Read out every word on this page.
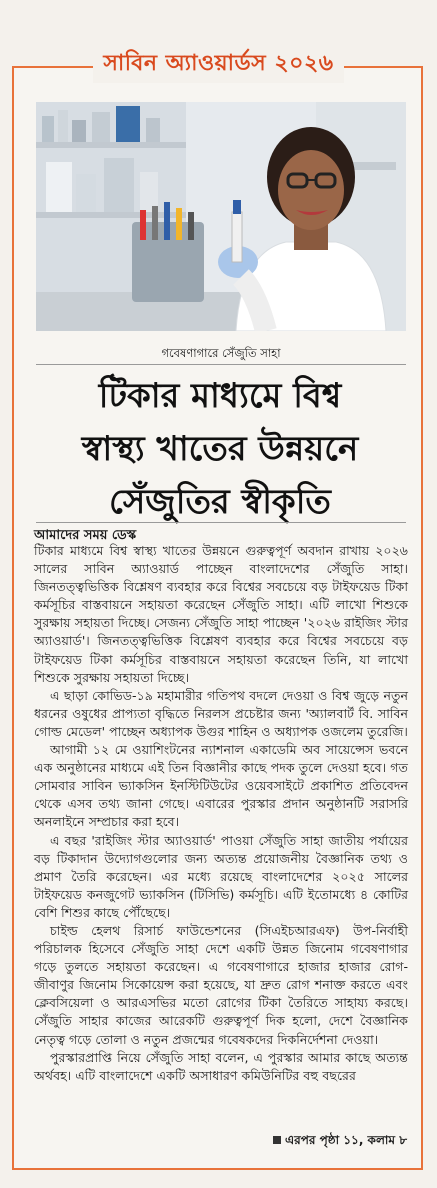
সাবিন অ্যাওয়ার্ডস ২০২৬
গবেষণাগারে সেঁজুতি সাহা
টিকার মাধ্যমে বিশ্ব
স্বাস্থ্য খাতের উন্নয়নে
সেঁজুতির স্বীকৃতি
আমাদের সময় ডেস্ক

টিকার মাধ্যমে বিশ্ব স্বাস্থ্য খাতের উন্নয়নে গুরুত্বপূর্ণ অবদান রাখায় ২০২৬ সালের সাবিন অ্যাওয়ার্ড পাচ্ছেন বাংলাদেশের সেঁজুতি সাহা। জিনতত্ত্বভিত্তিক বিশ্লেষণ ব্যবহার করে বিশ্বের সবচেয়ে বড় টাইফয়েড টিকা কর্মসূচির বাস্তবায়নে সহায়তা করেছেন সেঁজুতি সাহা। এটি লাখো শিশুকে সুরক্ষায় সহায়তা দিচ্ছে। সেজন্য সেঁজুতি সাহা পাচ্ছেন '২০২৬ রাইজিং স্টার অ্যাওয়ার্ড'। জিনতত্ত্বভিত্তিক বিশ্লেষণ ব্যবহার করে বিশ্বের সবচেয়ে বড় টাইফয়েড টিকা কর্মসূচির বাস্তবায়নে সহায়তা করেছেন তিনি, যা লাখো শিশুকে সুরক্ষায় সহায়তা দিচ্ছে।

এ ছাড়া কোভিড-১৯ মহামারীর গতিপথ বদলে দেওয়া ও বিশ্ব জুড়ে নতুন ধরনের ওষুধের প্রাপ্যতা বৃদ্ধিতে নিরলস প্রচেষ্টার জন্য 'অ্যালবার্ট বি. সাবিন গোল্ড মেডেল' পাচ্ছেন অধ্যাপক উগুর শাহিন ও অধ্যাপক ওজলেম তুরেজি।

আগামী ১২ মে ওয়াশিংটনের ন্যাশনাল একাডেমি অব সায়েন্সেস ভবনে এক অনুষ্ঠানের মাধ্যমে এই তিন বিজ্ঞানীর কাছে পদক তুলে দেওয়া হবে। গত সোমবার সাবিন ভ্যাকসিন ইনস্টিটিউটের ওয়েবসাইটে প্রকাশিত প্রতিবেদন থেকে এসব তথ্য জানা গেছে। এবারের পুরস্কার প্রদান অনুষ্ঠানটি সরাসরি অনলাইনে সম্প্রচার করা হবে।

এ বছর 'রাইজিং স্টার অ্যাওয়ার্ড' পাওয়া সেঁজুতি সাহা জাতীয় পর্যায়ের বড় টিকাদান উদ্যোগগুলোর জন্য অত্যন্ত প্রয়োজনীয় বৈজ্ঞানিক তথ্য ও প্রমাণ তৈরি করেছেন। এর মধ্যে রয়েছে বাংলাদেশের ২০২৫ সালের টাইফয়েড কনজুগেট ভ্যাকসিন (টিসিভি) কর্মসূচি। এটি ইতোমধ্যে ৪ কোটির বেশি শিশুর কাছে পৌঁছেছে।

চাইল্ড হেলথ রিসার্চ ফাউন্ডেশনের (সিএইচআরএফ) উপ-নির্বাহী পরিচালক হিসেবে সেঁজুতি সাহা দেশে একটি উন্নত জিনোম গবেষণাগার গড়ে তুলতে সহায়তা করেছেন। এ গবেষণাগারে হাজার হাজার রোগ-জীবাণুর জিনোম সিকোয়েন্স করা হয়েছে, যা দ্রুত রোগ শনাক্ত করতে এবং ক্লেবসিয়েলা ও আরএসভির মতো রোগের টিকা তৈরিতে সাহায্য করছে। সেঁজুতি সাহার কাজের আরেকটি গুরুত্বপূর্ণ দিক হলো, দেশে বৈজ্ঞানিক নেতৃত্ব গড়ে তোলা ও নতুন প্রজন্মের গবেষকদের দিকনির্দেশনা দেওয়া।

পুরস্কারপ্রাপ্তি নিয়ে সেঁজুতি সাহা বলেন, এ পুরস্কার আমার কাছে অত্যন্ত অর্থবহ। এটি বাংলাদেশে একটি অসাধারণ কমিউনিটির বহু বছরের

এরপর পৃষ্ঠা ১১, কলাম ৮
